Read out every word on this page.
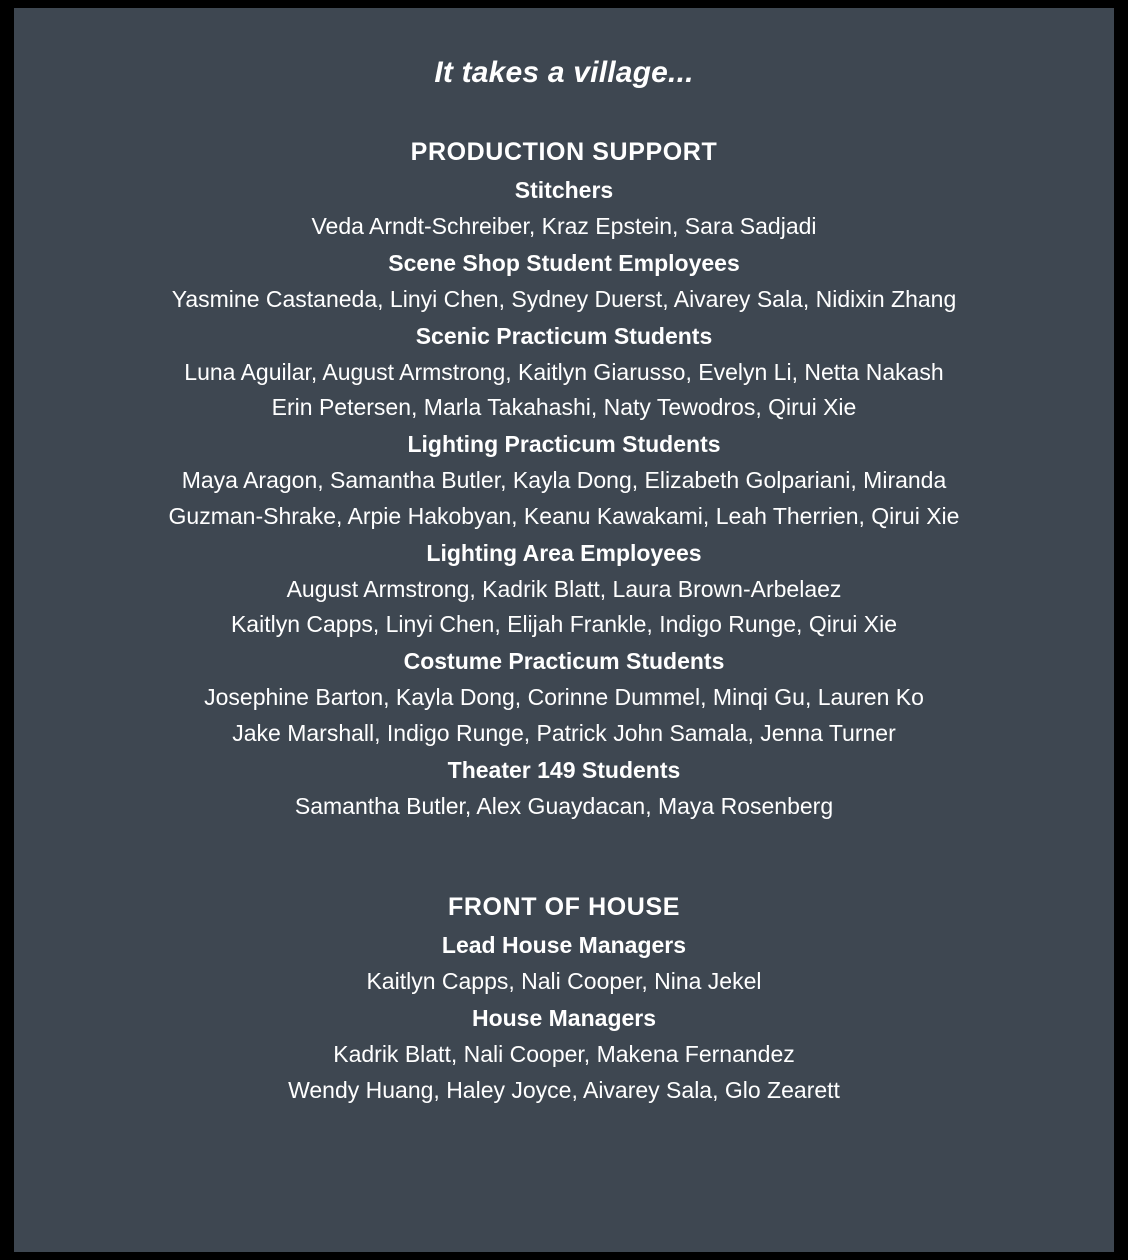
It takes a village...
PRODUCTION SUPPORT
Stitchers
Veda Arndt-Schreiber, Kraz Epstein, Sara Sadjadi
Scene Shop Student Employees
Yasmine Castaneda, Linyi Chen, Sydney Duerst, Aivarey Sala, Nidixin Zhang
Scenic Practicum Students
Luna Aguilar, August Armstrong, Kaitlyn Giarusso, Evelyn Li, Netta Nakash
Erin Petersen, Marla Takahashi, Naty Tewodros, Qirui Xie
Lighting Practicum Students
Maya Aragon, Samantha Butler, Kayla Dong, Elizabeth Golpariani, Miranda
Guzman-Shrake, Arpie Hakobyan, Keanu Kawakami, Leah Therrien, Qirui Xie
Lighting Area Employees
August Armstrong, Kadrik Blatt, Laura Brown-Arbelaez
Kaitlyn Capps, Linyi Chen, Elijah Frankle, Indigo Runge, Qirui Xie
Costume Practicum Students
Josephine Barton, Kayla Dong, Corinne Dummel, Minqi Gu, Lauren Ko
Jake Marshall, Indigo Runge, Patrick John Samala, Jenna Turner
Theater 149 Students
Samantha Butler, Alex Guaydacan, Maya Rosenberg
FRONT OF HOUSE
Lead House Managers
Kaitlyn Capps, Nali Cooper, Nina Jekel
House Managers
Kadrik Blatt, Nali Cooper, Makena Fernandez
Wendy Huang, Haley Joyce, Aivarey Sala, Glo Zearett
